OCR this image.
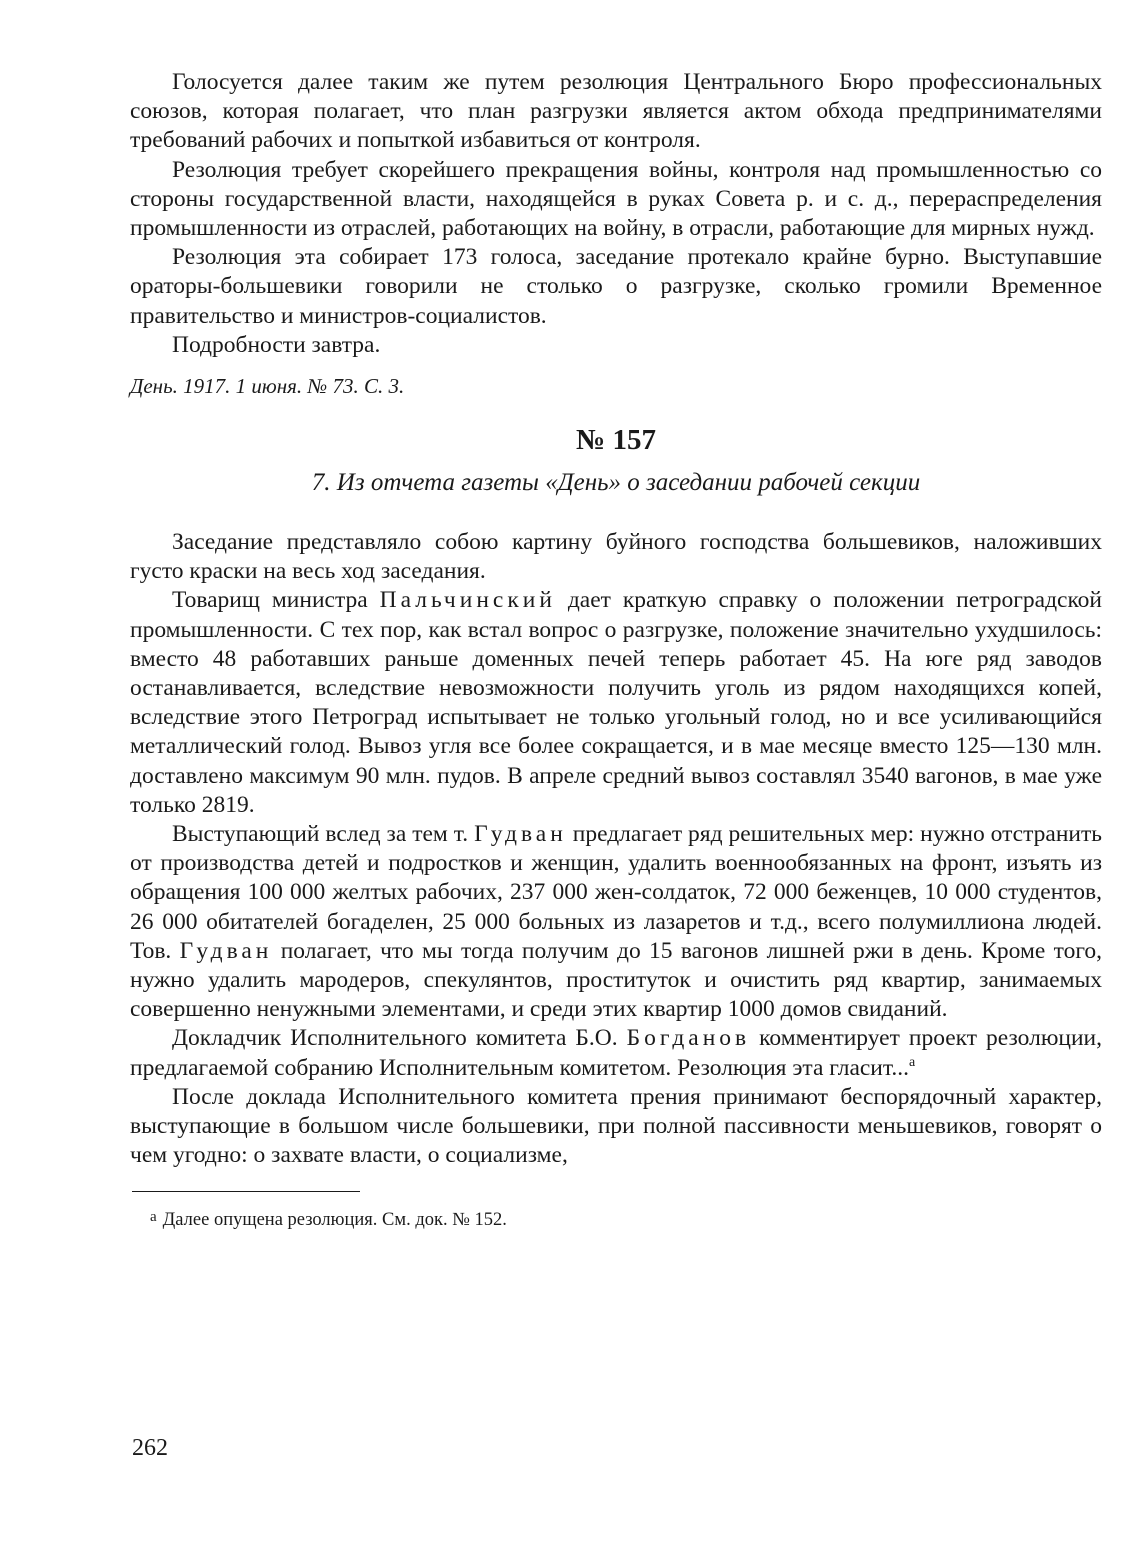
Голосуется далее таким же путем резолюция Центрального Бюро профессиональных союзов, которая полагает, что план разгрузки является актом обхода предпринимателями требований рабочих и попыткой избавиться от контроля.

Резолюция требует скорейшего прекращения войны, контроля над промышленностью со стороны государственной власти, находящейся в руках Совета р. и с. д., перераспределения промышленности из отраслей, работающих на войну, в отрасли, работающие для мирных нужд.

Резолюция эта собирает 173 голоса, заседание протекало крайне бурно. Выступавшие ораторы-большевики говорили не столько о разгрузке, сколько громили Временное правительство и министров-социалистов.

Подробности завтра.

День. 1917. 1 июня. № 73. С. 3.

№ 157

7. Из отчета газеты «День» о заседании рабочей секции

Заседание представляло собою картину буйного господства большевиков, наложивших густо краски на весь ход заседания.

Товарищ министра Пальчинский дает краткую справку о положении петроградской промышленности. С тех пор, как встал вопрос о разгрузке, положение значительно ухудшилось: вместо 48 работавших раньше доменных печей теперь работает 45. На юге ряд заводов останавливается, вследствие невозможности получить уголь из рядом находящихся копей, вследствие этого Петроград испытывает не только угольный голод, но и все усиливающийся металлический голод. Вывоз угля все более сокращается, и в мае месяце вместо 125—130 млн. доставлено максимум 90 млн. пудов. В апреле средний вывоз составлял 3540 вагонов, в мае уже только 2819.

Выступающий вслед за тем т. Гудван предлагает ряд решительных мер: нужно отстранить от производства детей и подростков и женщин, удалить военнообязанных на фронт, изъять из обращения 100 000 желтых рабочих, 237 000 жен-солдаток, 72 000 беженцев, 10 000 студентов, 26 000 обитателей богаделен, 25 000 больных из лазаретов и т.д., всего полумиллиона людей. Тов. Гудван полагает, что мы тогда получим до 15 вагонов лишней ржи в день. Кроме того, нужно удалить мародеров, спекулянтов, проституток и очистить ряд квартир, занимаемых совершенно ненужными элементами, и среди этих квартир 1000 домов свиданий.

Докладчик Исполнительного комитета Б.О. Богданов комментирует проект резолюции, предлагаемой собранию Исполнительным комитетом. Резолюция эта гласит...$^а$

После доклада Исполнительного комитета прения принимают беспорядочный характер, выступающие в большом числе большевики, при полной пассивности меньшевиков, говорят о чем угодно: о захвате власти, о социализме,

$^а$ Далее опущена резолюция. См. док. № 152.

262
